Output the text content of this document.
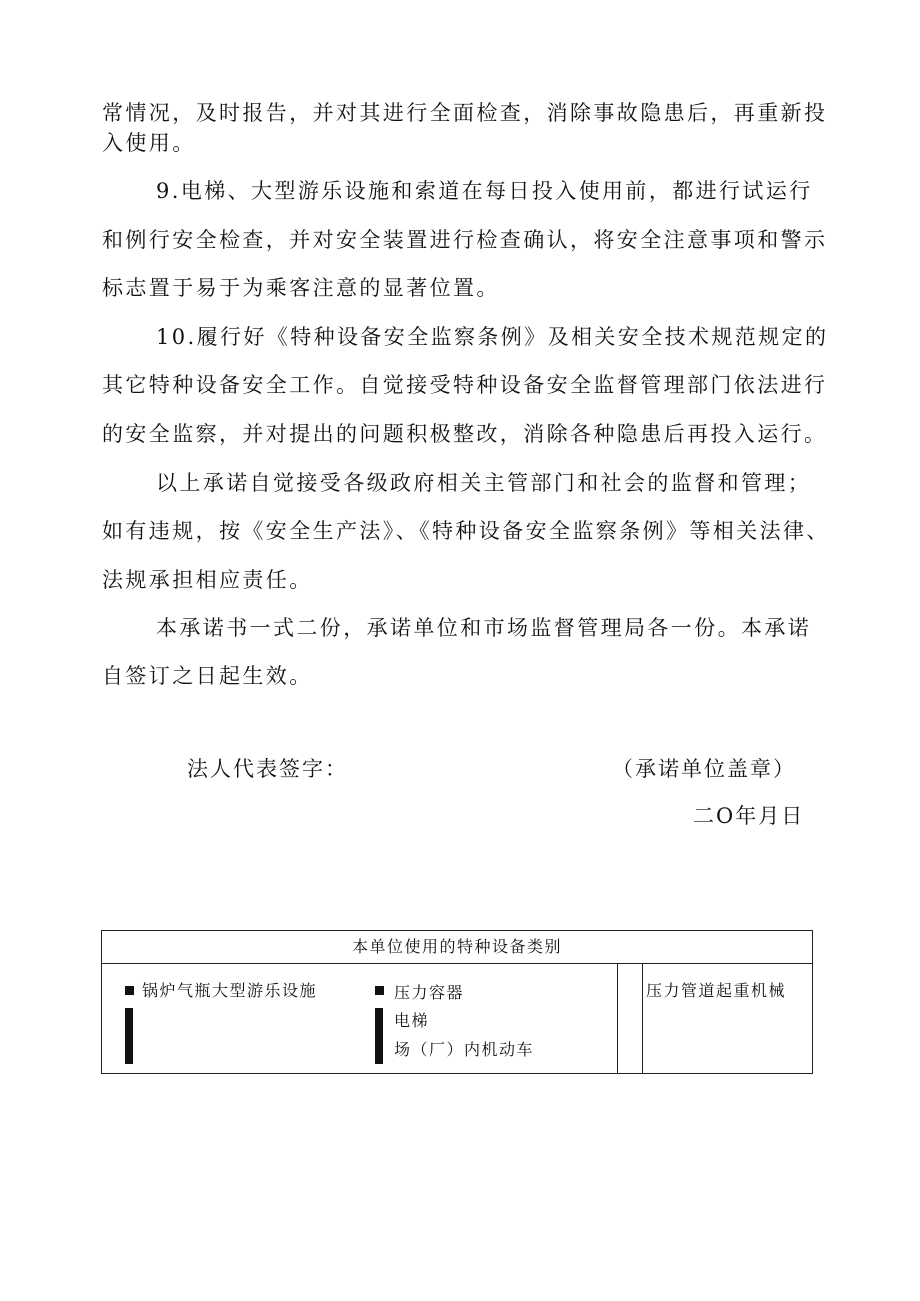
常情况，及时报告，并对其进行全面检查，消除事故隐患后，再重新投
入使用。
9.电梯、大型游乐设施和索道在每日投入使用前，都进行试运行
和例行安全检查，并对安全装置进行检查确认，将安全注意事项和警示
标志置于易于为乘客注意的显著位置。
10.履行好《特种设备安全监察条例》及相关安全技术规范规定的
其它特种设备安全工作。自觉接受特种设备安全监督管理部门依法进行
的安全监察，并对提出的问题积极整改，消除各种隐患后再投入运行。
以上承诺自觉接受各级政府相关主管部门和社会的监督和管理；
如有违规，按《安全生产法》、《特种设备安全监察条例》等相关法律、
法规承担相应责任。
本承诺书一式二份，承诺单位和市场监督管理局各一份。本承诺
自签订之日起生效。
法人代表签字：	（承诺单位盖章）
二O年月日
本单位使用的特种设备类别
锅炉气瓶大型游乐设施	压力容器
电梯
场（厂）内机动车
压力管道起重机械
